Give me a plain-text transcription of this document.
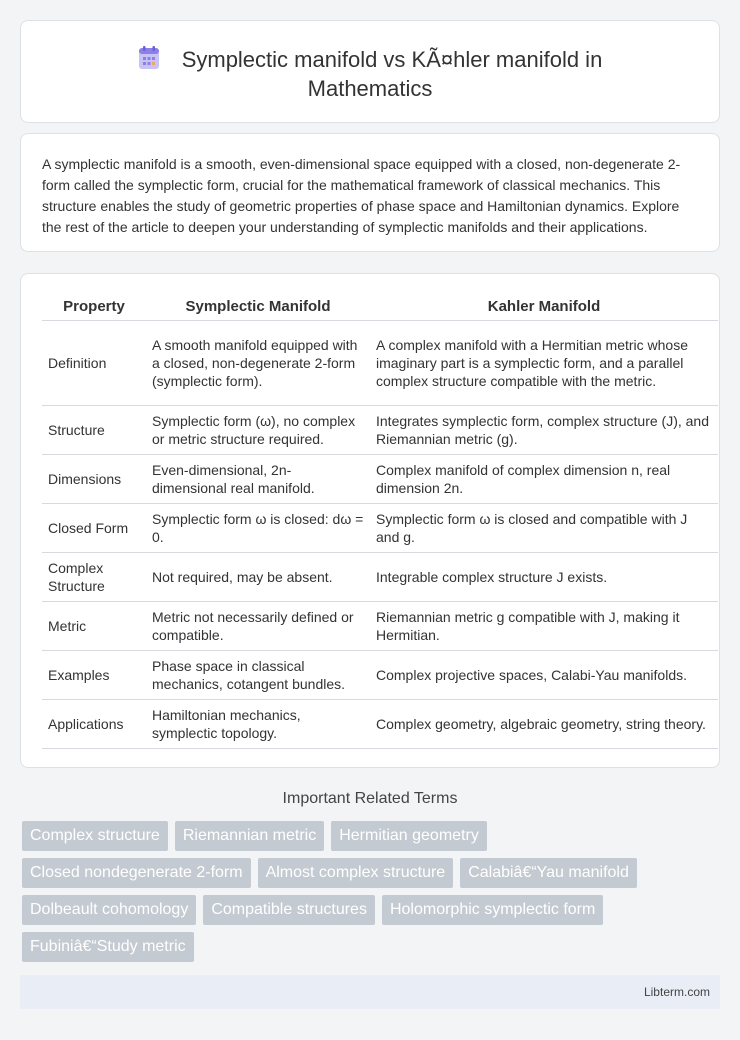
Symplectic manifold vs KÃ¤hler manifold in
Mathematics

A symplectic manifold is a smooth, even-dimensional space equipped with a closed, non-degenerate 2-form called the symplectic form, crucial for the mathematical framework of classical mechanics. This structure enables the study of geometric properties of phase space and Hamiltonian dynamics. Explore the rest of the article to deepen your understanding of symplectic manifolds and their applications.

Property	Symplectic Manifold	Kahler Manifold
Definition	A smooth manifold equipped with a closed, non-degenerate 2-form (symplectic form).	A complex manifold with a Hermitian metric whose imaginary part is a symplectic form, and a parallel complex structure compatible with the metric.
Structure	Symplectic form (ω), no complex or metric structure required.	Integrates symplectic form, complex structure (J), and Riemannian metric (g).
Dimensions	Even-dimensional, 2n-dimensional real manifold.	Complex manifold of complex dimension n, real dimension 2n.
Closed Form	Symplectic form ω is closed: dω = 0.	Symplectic form ω is closed and compatible with J and g.
Complex Structure	Not required, may be absent.	Integrable complex structure J exists.
Metric	Metric not necessarily defined or compatible.	Riemannian metric g compatible with J, making it Hermitian.
Examples	Phase space in classical mechanics, cotangent bundles.	Complex projective spaces, Calabi-Yau manifolds.
Applications	Hamiltonian mechanics, symplectic topology.	Complex geometry, algebraic geometry, string theory.
Important Related Terms
Complex structure	Riemannian metric	Hermitian geometry
Closed nondegenerate 2-form	Almost complex structure	Calabiâ€“Yau manifold
Dolbeault cohomology	Compatible structures	Holomorphic symplectic form
Fubiniâ€“Study metric
Libterm.com
